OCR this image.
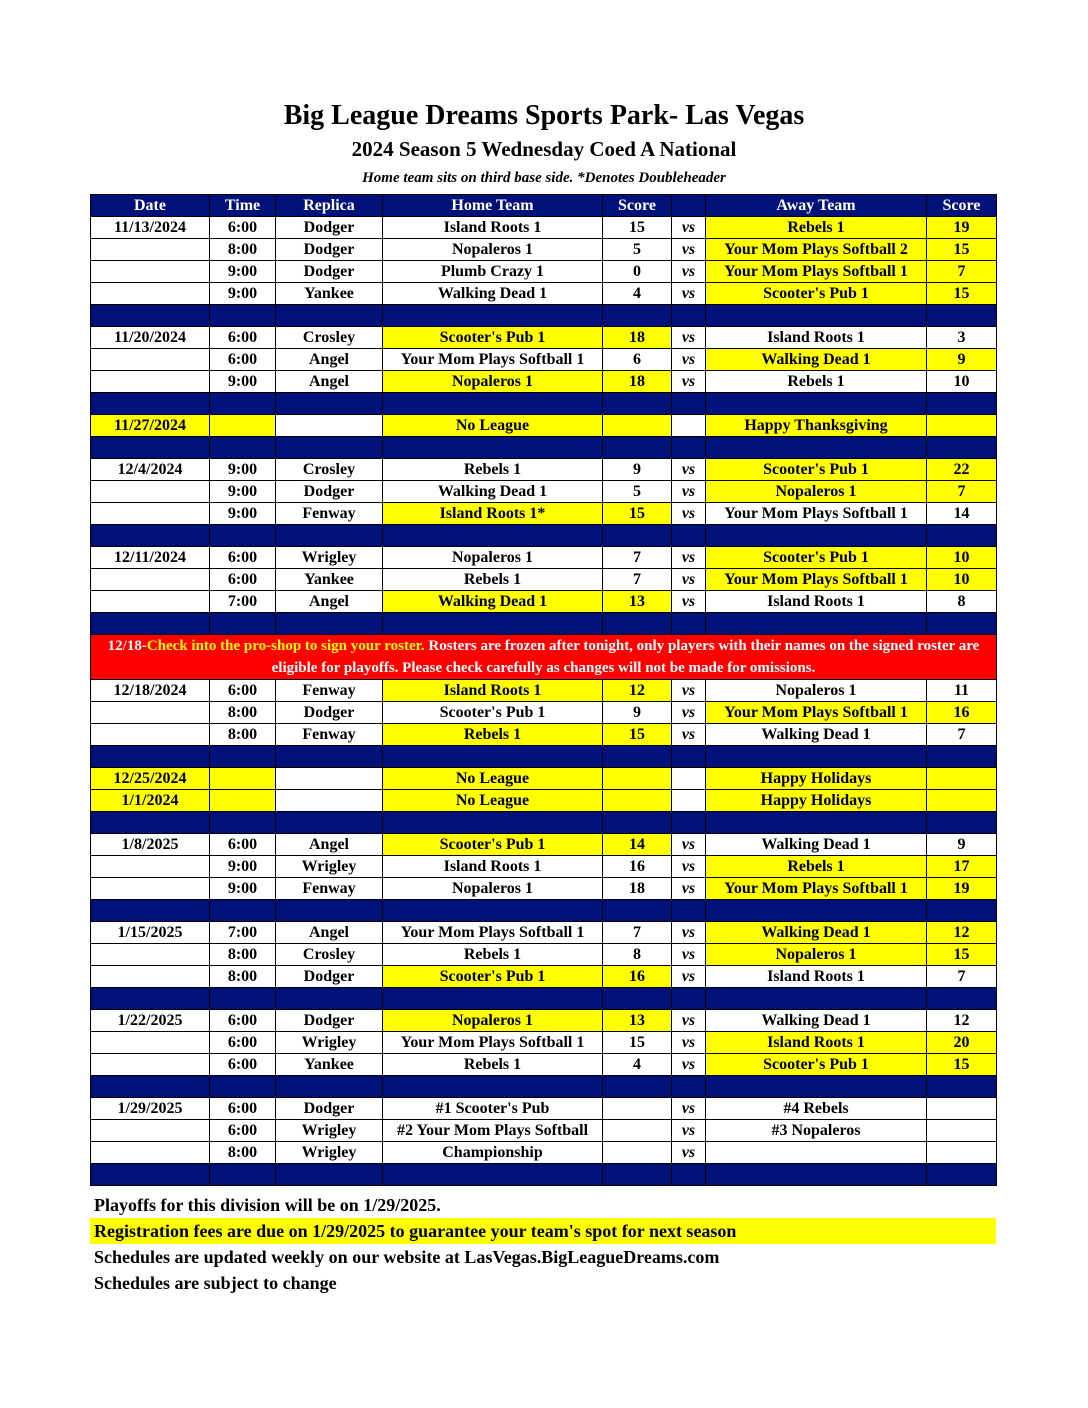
Big League Dreams Sports Park- Las Vegas
2024 Season 5 Wednesday Coed A National
Home team sits on third base side. *Denotes Doubleheader
Date	Time	Replica	Home Team	Score		Away Team	Score
11/13/2024	6:00	Dodger	Island Roots 1	15	vs	Rebels 1	19
	8:00	Dodger	Nopaleros 1	5	vs	Your Mom Plays Softball 2	15
	9:00	Dodger	Plumb Crazy 1	0	vs	Your Mom Plays Softball 1	7
	9:00	Yankee	Walking Dead 1	4	vs	Scooter's Pub 1	15

11/20/2024	6:00	Crosley	Scooter's Pub 1	18	vs	Island Roots 1	3
	6:00	Angel	Your Mom Plays Softball 1	6	vs	Walking Dead 1	9
	9:00	Angel	Nopaleros 1	18	vs	Rebels 1	10

11/27/2024			No League			Happy Thanksgiving	

12/4/2024	9:00	Crosley	Rebels 1	9	vs	Scooter's Pub 1	22
	9:00	Dodger	Walking Dead 1	5	vs	Nopaleros 1	7
	9:00	Fenway	Island Roots 1*	15	vs	Your Mom Plays Softball 1	14

12/11/2024	6:00	Wrigley	Nopaleros 1	7	vs	Scooter's Pub 1	10
	6:00	Yankee	Rebels 1	7	vs	Your Mom Plays Softball 1	10
	7:00	Angel	Walking Dead 1	13	vs	Island Roots 1	8

12/18-Check into the pro-shop to sign your roster. Rosters are frozen after tonight, only players with their names on the signed roster are eligible for playoffs. Please check carefully as changes will not be made for omissions.							
12/18/2024	6:00	Fenway	Island Roots 1	12	vs	Nopaleros 1	11
	8:00	Dodger	Scooter's Pub 1	9	vs	Your Mom Plays Softball 1	16
	8:00	Fenway	Rebels 1	15	vs	Walking Dead 1	7

12/25/2024			No League			Happy Holidays	
1/1/2024			No League			Happy Holidays	

1/8/2025	6:00	Angel	Scooter's Pub 1	14	vs	Walking Dead 1	9
	9:00	Wrigley	Island Roots 1	16	vs	Rebels 1	17
	9:00	Fenway	Nopaleros 1	18	vs	Your Mom Plays Softball 1	19

1/15/2025	7:00	Angel	Your Mom Plays Softball 1	7	vs	Walking Dead 1	12
	8:00	Crosley	Rebels 1	8	vs	Nopaleros 1	15
	8:00	Dodger	Scooter's Pub 1	16	vs	Island Roots 1	7

1/22/2025	6:00	Dodger	Nopaleros 1	13	vs	Walking Dead 1	12
	6:00	Wrigley	Your Mom Plays Softball 1	15	vs	Island Roots 1	20
	6:00	Yankee	Rebels 1	4	vs	Scooter's Pub 1	15

1/29/2025	6:00	Dodger	#1 Scooter's Pub		vs	#4 Rebels	
	6:00	Wrigley	#2 Your Mom Plays Softball		vs	#3 Nopaleros	
	8:00	Wrigley	Championship		vs		

Playoffs for this division will be on 1/29/2025.
Registration fees are due on 1/29/2025 to guarantee your team's spot for next season
Schedules are updated weekly on our website at LasVegas.BigLeagueDreams.com
Schedules are subject to change
